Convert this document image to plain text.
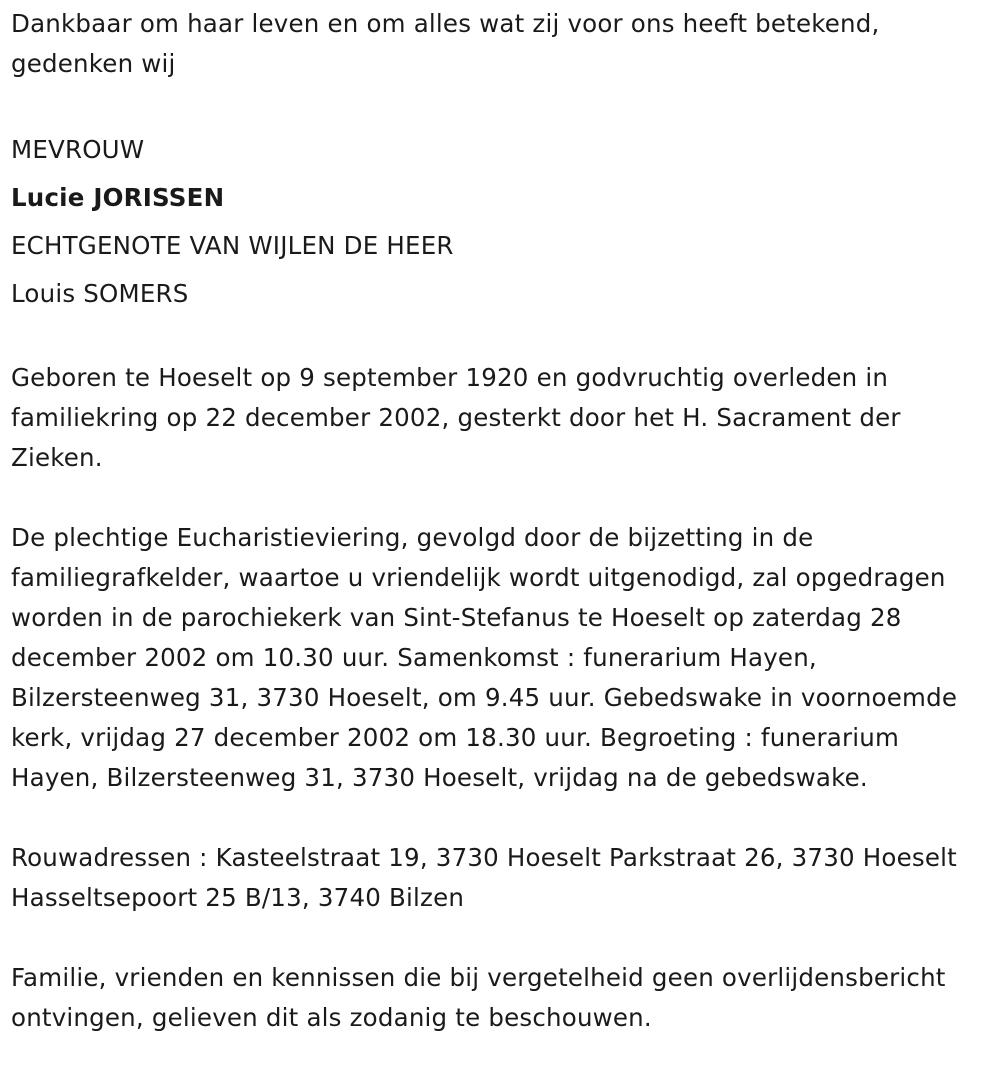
Dankbaar om haar leven en om alles wat zij voor ons heeft betekend, gedenken wij

MEVROUW

Lucie JORISSEN

ECHTGENOTE VAN WIJLEN DE HEER

Louis SOMERS

Geboren te Hoeselt op 9 september 1920 en godvruchtig overleden in familiekring op 22 december 2002, gesterkt door het H. Sacrament der Zieken.

De plechtige Eucharistieviering, gevolgd door de bijzetting in de familiegrafkelder, waartoe u vriendelijk wordt uitgenodigd, zal opgedragen worden in de parochiekerk van Sint-Stefanus te Hoeselt op zaterdag 28 december 2002 om 10.30 uur. Samenkomst : funerarium Hayen, Bilzersteenweg 31, 3730 Hoeselt, om 9.45 uur. Gebedswake in voornoemde kerk, vrijdag 27 december 2002 om 18.30 uur. Begroeting : funerarium Hayen, Bilzersteenweg 31, 3730 Hoeselt, vrijdag na de gebedswake.

Rouwadressen : Kasteelstraat 19, 3730 Hoeselt Parkstraat 26, 3730 Hoeselt Hasseltsepoort 25 B/13, 3740 Bilzen

Familie, vrienden en kennissen die bij vergetelheid geen overlijdensbericht ontvingen, gelieven dit als zodanig te beschouwen.
